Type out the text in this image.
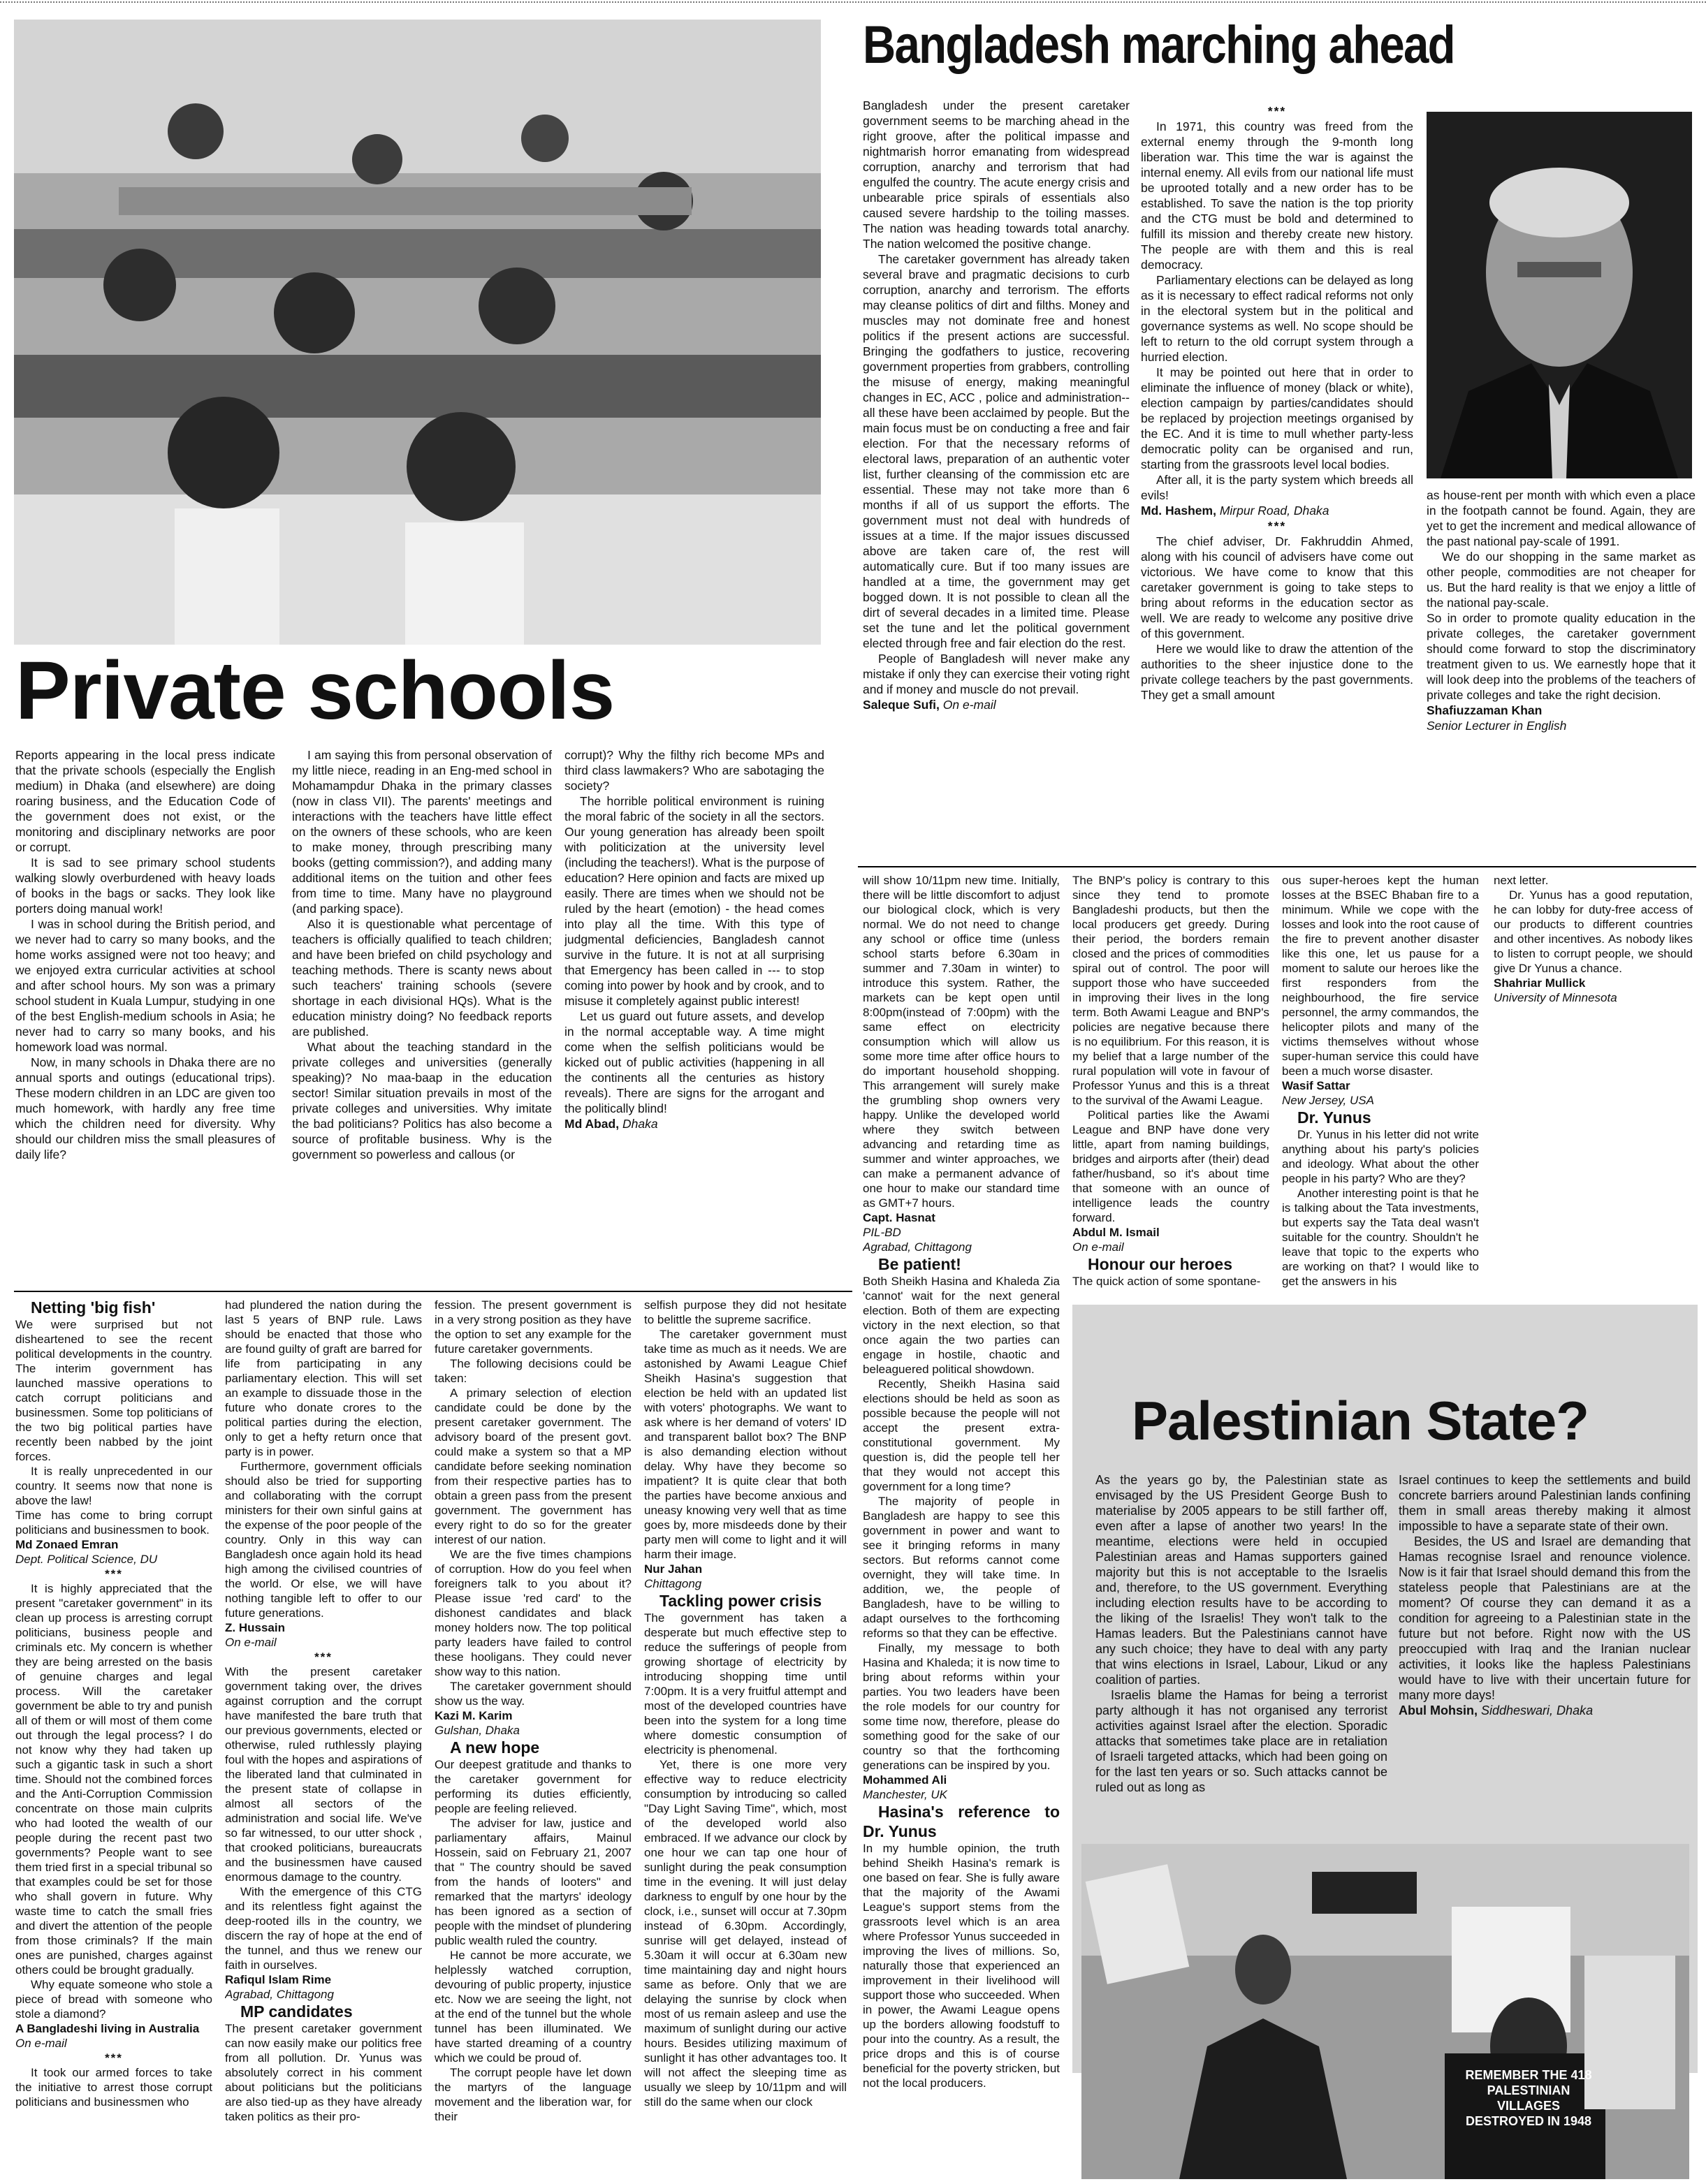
Private schools

Reports appearing in the local press indicate that the private schools (especially the English medium) in Dhaka (and elsewhere) are doing roaring business, and the Education Code of the government does not exist, or the monitoring and disciplinary networks are poor or corrupt.

It is sad to see primary school students walking slowly overburdened with heavy loads of books in the bags or sacks. They look like porters doing manual work!

I was in school during the British period, and we never had to carry so many books, and the home works assigned were not too heavy; and we enjoyed extra curricular activities at school and after school hours. My son was a primary school student in Kuala Lumpur, studying in one of the best English-medium schools in Asia; he never had to carry so many books, and his homework load was normal.

Now, in many schools in Dhaka there are no annual sports and outings (educational trips). These modern children in an LDC are given too much homework, with hardly any free time which the children need for diversity. Why should our children miss the small pleasures of daily life?

I am saying this from personal observation of my little niece, reading in an Eng-med school in Mohamampdur Dhaka in the primary classes (now in class VII). The parents' meetings and interactions with the teachers have little effect on the owners of these schools, who are keen to make money, through prescribing many books (getting commission?), and adding many additional items on the tuition and other fees from time to time. Many have no playground (and parking space).

Also it is questionable what percentage of teachers is officially qualified to teach children; and have been briefed on child psychology and teaching methods. There is scanty news about such teachers' training schools (severe shortage in each divisional HQs). What is the education ministry doing? No feedback reports are published.

What about the teaching standard in the private colleges and universities (generally speaking)? No maa-baap in the education sector! Similar situation prevails in most of the private colleges and universities. Why imitate the bad politicians? Politics has also become a source of profitable business. Why is the government so powerless and callous (or

corrupt)? Why the filthy rich become MPs and third class lawmakers? Who are sabotaging the society?

The horrible political environment is ruining the moral fabric of the society in all the sectors. Our young generation has already been spoilt with politicization at the university level (including the teachers!). What is the purpose of education? Here opinion and facts are mixed up easily. There are times when we should not be ruled by the heart (emotion) - the head comes into play all the time. With this type of judgmental deficiencies, Bangladesh cannot survive in the future. It is not at all surprising that Emergency has been called in --- to stop coming into power by hook and by crook, and to misuse it completely against public interest!

Let us guard out future assets, and develop in the normal acceptable way. A time might come when the selfish politicians would be kicked out of public activities (happening in all the continents all the centuries as history reveals). There are signs for the arrogant and the politically blind!

Md Abad, Dhaka

Bangladesh marching ahead

Bangladesh under the present caretaker government seems to be marching ahead in the right groove, after the political impasse and nightmarish horror emanating from widespread corruption, anarchy and terrorism that had engulfed the country. The acute energy crisis and unbearable price spirals of essentials also caused severe hardship to the toiling masses. The nation was heading towards total anarchy. The nation welcomed the positive change.

The caretaker government has already taken several brave and pragmatic decisions to curb corruption, anarchy and terrorism. The efforts may cleanse politics of dirt and filths. Money and muscles may not dominate free and honest politics if the present actions are successful. Bringing the godfathers to justice, recovering government properties from grabbers, controlling the misuse of energy, making meaningful changes in EC, ACC , police and administration-- all these have been acclaimed by people. But the main focus must be on conducting a free and fair election. For that the necessary reforms of electoral laws, preparation of an authentic voter list, further cleansing of the commission etc are essential. These may not take more than 6 months if all of us support the efforts. The government must not deal with hundreds of issues at a time. If the major issues discussed above are taken care of, the rest will automatically cure. But if too many issues are handled at a time, the government may get bogged down. It is not possible to clean all the dirt of several decades in a limited time. Please set the tune and let the political government elected through free and fair election do the rest.

People of Bangladesh will never make any mistake if only they can exercise their voting right and if money and muscle do not prevail.

Saleque Sufi, On e-mail

***

In 1971, this country was freed from the external enemy through the 9-month long liberation war. This time the war is against the internal enemy. All evils from our national life must be uprooted totally and a new order has to be established. To save the nation is the top priority and the CTG must be bold and determined to fulfill its mission and thereby create new history. The people are with them and this is real democracy.

Parliamentary elections can be delayed as long as it is necessary to effect radical reforms not only in the electoral system but in the political and governance systems as well. No scope should be left to return to the old corrupt system through a hurried election.

It may be pointed out here that in order to eliminate the influence of money (black or white), election campaign by parties/candidates should be replaced by projection meetings organised by the EC. And it is time to mull whether party-less democratic polity can be organised and run, starting from the grassroots level local bodies.

After all, it is the party system which breeds all evils!

Md. Hashem, Mirpur Road, Dhaka

***

The chief adviser, Dr. Fakhruddin Ahmed, along with his council of advisers have come out victorious. We have come to know that this caretaker government is going to take steps to bring about reforms in the education sector as well. We are ready to welcome any positive drive of this government.

Here we would like to draw the attention of the authorities to the sheer injustice done to the private college teachers by the past governments. They get a small amount

as house-rent per month with which even a place in the footpath cannot be found. Again, they are yet to get the increment and medical allowance of the past national pay-scale of 1991.

We do our shopping in the same market as other people, commodities are not cheaper for us. But the hard reality is that we enjoy a little of the national pay-scale.

So in order to promote quality education in the private colleges, the caretaker government should come forward to stop the discriminatory treatment given to us. We earnestly hope that it will look deep into the problems of the teachers of private colleges and take the right decision.

Shafiuzzaman Khan

Senior Lecturer in English

will show 10/11pm new time. Initially, there will be little discomfort to adjust our biological clock, which is very normal. We do not need to change any school or office time (unless school starts before 6.30am in summer and 7.30am in winter) to introduce this system. Rather, the markets can be kept open until 8:00pm(instead of 7:00pm) with the same effect on electricity consumption which will allow us some more time after office hours to do important household shopping. This arrangement will surely make the grumbling shop owners very happy. Unlike the developed world where they switch between advancing and retarding time as summer and winter approaches, we can make a permanent advance of one hour to make our standard time as GMT+7 hours.

Capt. Hasnat

PIL-BD

Agrabad, Chittagong

Be patient!

Both Sheikh Hasina and Khaleda Zia 'cannot' wait for the next general election. Both of them are expecting victory in the next election, so that once again the two parties can engage in hostile, chaotic and beleaguered political showdown.

Recently, Sheikh Hasina said elections should be held as soon as possible because the people will not accept the present extra-constitutional government. My question is, did the people tell her that they would not accept this government for a long time?

The majority of people in Bangladesh are happy to see this government in power and want to see it bringing reforms in many sectors. But reforms cannot come overnight, they will take time. In addition, we, the people of Bangladesh, have to be willing to adapt ourselves to the forthcoming reforms so that they can be effective.

Finally, my message to both Hasina and Khaleda; it is now time to bring about reforms within your parties. You two leaders have been the role models for our country for some time now, therefore, please do something good for the sake of our country so that the forthcoming generations can be inspired by you.

Mohammed Ali

Manchester, UK

Hasina's reference to Dr. Yunus

In my humble opinion, the truth behind Sheikh Hasina's remark is one based on fear. She is fully aware that the majority of the Awami League's support stems from the grassroots level which is an area where Professor Yunus succeeded in improving the lives of millions. So, naturally those that experienced an improvement in their livelihood will support those who succeeded. When in power, the Awami League opens up the borders allowing foodstuff to pour into the country. As a result, the price drops and this is of course beneficial for the poverty stricken, but not the local producers.

The BNP's policy is contrary to this since they tend to promote Bangladeshi products, but then the local producers get greedy. During their period, the borders remain closed and the prices of commodities spiral out of control. The poor will support those who have succeeded in improving their lives in the long term. Both Awami League and BNP's policies are negative because there is no equilibrium. For this reason, it is my belief that a large number of the rural population will vote in favour of Professor Yunus and this is a threat to the survival of the Awami League.

Political parties like the Awami League and BNP have done very little, apart from naming buildings, bridges and airports after (their) dead father/husband, so it's about time that someone with an ounce of intelligence leads the country forward.

Abdul M. Ismail

On e-mail

Honour our heroes

The quick action of some spontane-

ous super-heroes kept the human losses at the BSEC Bhaban fire to a minimum. While we cope with the losses and look into the root cause of the fire to prevent another disaster like this one, let us pause for a moment to salute our heroes like the first responders from the neighbourhood, the fire service personnel, the army commandos, the helicopter pilots and many of the victims themselves without whose super-human service this could have been a much worse disaster.

Wasif Sattar

New Jersey, USA

Dr. Yunus

Dr. Yunus in his letter did not write anything about his party's policies and ideology. What about the other people in his party? Who are they?

Another interesting point is that he is talking about the Tata investments, but experts say the Tata deal wasn't suitable for the country. Shouldn't he leave that topic to the experts who are working on that? I would like to get the answers in his

next letter.

Dr. Yunus has a good reputation, he can lobby for duty-free access of our products to different countries and other incentives. As nobody likes to listen to corrupt people, we should give Dr Yunus a chance.

Shahriar Mullick

University of Minnesota

Netting 'big fish'

We were surprised but not disheartened to see the recent political developments in the country. The interim government has launched massive operations to catch corrupt politicians and businessmen. Some top politicians of the two big political parties have recently been nabbed by the joint forces.

It is really unprecedented in our country. It seems now that none is above the law!

Time has come to bring corrupt politicians and businessmen to book.

Md Zonaed Emran

Dept. Political Science, DU

***

It is highly appreciated that the present "caretaker government" in its clean up process is arresting corrupt politicians, business people and criminals etc. My concern is whether they are being arrested on the basis of genuine charges and legal process. Will the caretaker government be able to try and punish all of them or will most of them come out through the legal process? I do not know why they had taken up such a gigantic task in such a short time. Should not the combined forces and the Anti-Corruption Commission concentrate on those main culprits who had looted the wealth of our people during the recent past two governments? People want to see them tried first in a special tribunal so that examples could be set for those who shall govern in future. Why waste time to catch the small fries and divert the attention of the people from those criminals? If the main ones are punished, charges against others could be brought gradually.

Why equate someone who stole a piece of bread with someone who stole a diamond?

A Bangladeshi living in Australia

On e-mail

***

It took our armed forces to take the initiative to arrest those corrupt politicians and businessmen who

had plundered the nation during the last 5 years of BNP rule. Laws should be enacted that those who are found guilty of graft are barred for life from participating in any parliamentary election. This will set an example to dissuade those in the future who donate crores to the political parties during the election, only to get a hefty return once that party is in power.

Furthermore, government officials should also be tried for supporting and collaborating with the corrupt ministers for their own sinful gains at the expense of the poor people of the country. Only in this way can Bangladesh once again hold its head high among the civilised countries of the world. Or else, we will have nothing tangible left to offer to our future generations.

Z. Hussain

On e-mail

***

With the present caretaker government taking over, the drives against corruption and the corrupt have manifested the bare truth that our previous governments, elected or otherwise, ruled ruthlessly playing foul with the hopes and aspirations of the liberated land that culminated in the present state of collapse in almost all sectors of the administration and social life. We've so far witnessed, to our utter shock , that crooked politicians, bureaucrats and the businessmen have caused enormous damage to the country.

With the emergence of this CTG and its relentless fight against the deep-rooted ills in the country, we discern the ray of hope at the end of the tunnel, and thus we renew our faith in ourselves.

Rafiqul Islam Rime

Agrabad, Chittagong

MP candidates

The present caretaker government can now easily make our politics free from all pollution. Dr. Yunus was absolutely correct in his comment about politicians but the politicians are also tied-up as they have already taken politics as their pro-

fession. The present government is in a very strong position as they have the option to set any example for the future caretaker governments.

The following decisions could be taken:

A primary selection of election candidate could be done by the present caretaker government. The advisory board of the present govt. could make a system so that a MP candidate before seeking nomination from their respective parties has to obtain a green pass from the present government. The government has every right to do so for the greater interest of our nation.

We are the five times champions of corruption. How do you feel when foreigners talk to you about it? Please issue 'red card' to the dishonest candidates and black money holders now. The top political party leaders have failed to control these hooligans. They could never show way to this nation.

The caretaker government should show us the way.

Kazi M. Karim

Gulshan, Dhaka

A new hope

Our deepest gratitude and thanks to the caretaker government for performing its duties efficiently, people are feeling relieved.

The adviser for law, justice and parliamentary affairs, Mainul Hossein, said on February 21, 2007 that " The country should be saved from the hands of looters" and remarked that the martyrs' ideology has been ignored as a section of people with the mindset of plundering public wealth ruled the country.

He cannot be more accurate, we helplessly watched corruption, devouring of public property, injustice etc. Now we are seeing the light, not at the end of the tunnel but the whole tunnel has been illuminated. We have started dreaming of a country which we could be proud of.

The corrupt people have let down the martyrs of the language movement and the liberation war, for their

selfish purpose they did not hesitate to belittle the supreme sacrifice.

The caretaker government must take time as much as it needs. We are astonished by Awami League Chief Sheikh Hasina's suggestion that election be held with an updated list with voters' photographs. We want to ask where is her demand of voters' ID and transparent ballot box? The BNP is also demanding election without delay. Why have they become so impatient? It is quite clear that both the parties have become anxious and uneasy knowing very well that as time goes by, more misdeeds done by their party men will come to light and it will harm their image.

Nur Jahan

Chittagong

Tackling power crisis

The government has taken a desperate but much effective step to reduce the sufferings of people from growing shortage of electricity by introducing shopping time until 7:00pm. It is a very fruitful attempt and most of the developed countries have been into the system for a long time where domestic consumption of electricity is phenomenal.

Yet, there is one more very effective way to reduce electricity consumption by introducing so called "Day Light Saving Time", which, most of the developed world also embraced. If we advance our clock by one hour we can tap one hour of sunlight during the peak consumption time in the evening. It will just delay darkness to engulf by one hour by the clock, i.e., sunset will occur at 7.30pm instead of 6.30pm. Accordingly, sunrise will get delayed, instead of 5.30am it will occur at 6.30am new time maintaining day and night hours same as before. Only that we are delaying the sunrise by clock when most of us remain asleep and use the maximum of sunlight during our active hours. Besides utilizing maximum of sunlight it has other advantages too. It will not affect the sleeping time as usually we sleep by 10/11pm and will still do the same when our clock

Palestinian State?

As the years go by, the Palestinian state as envisaged by the US President George Bush to materialise by 2005 appears to be still farther off, even after a lapse of another two years! In the meantime, elections were held in occupied Palestinian areas and Hamas supporters gained majority but this is not acceptable to the Israelis and, therefore, to the US government. Everything including election results have to be according to the liking of the Israelis! They won't talk to the Hamas leaders. But the Palestinians cannot have any such choice; they have to deal with any party that wins elections in Israel, Labour, Likud or any coalition of parties.

Israelis blame the Hamas for being a terrorist party although it has not organised any terrorist activities against Israel after the election. Sporadic attacks that sometimes take place are in retaliation of Israeli targeted attacks, which had been going on for the last ten years or so. Such attacks cannot be ruled out as long as

Israel continues to keep the settlements and build concrete barriers around Palestinian lands confining them in small areas thereby making it almost impossible to have a separate state of their own.

Besides, the US and Israel are demanding that Hamas recognise Israel and renounce violence. Now is it fair that Israel should demand this from the stateless people that Palestinians are at the moment? Of course they can demand it as a condition for agreeing to a Palestinian state in the future but not before. Right now with the US preoccupied with Iraq and the Iranian nuclear activities, it looks like the hapless Palestinians would have to live with their uncertain future for many more days!

Abul Mohsin, Siddheswari, Dhaka

REMEMBER THE 418 PALESTINIAN VILLAGES DESTROYED IN 1948
